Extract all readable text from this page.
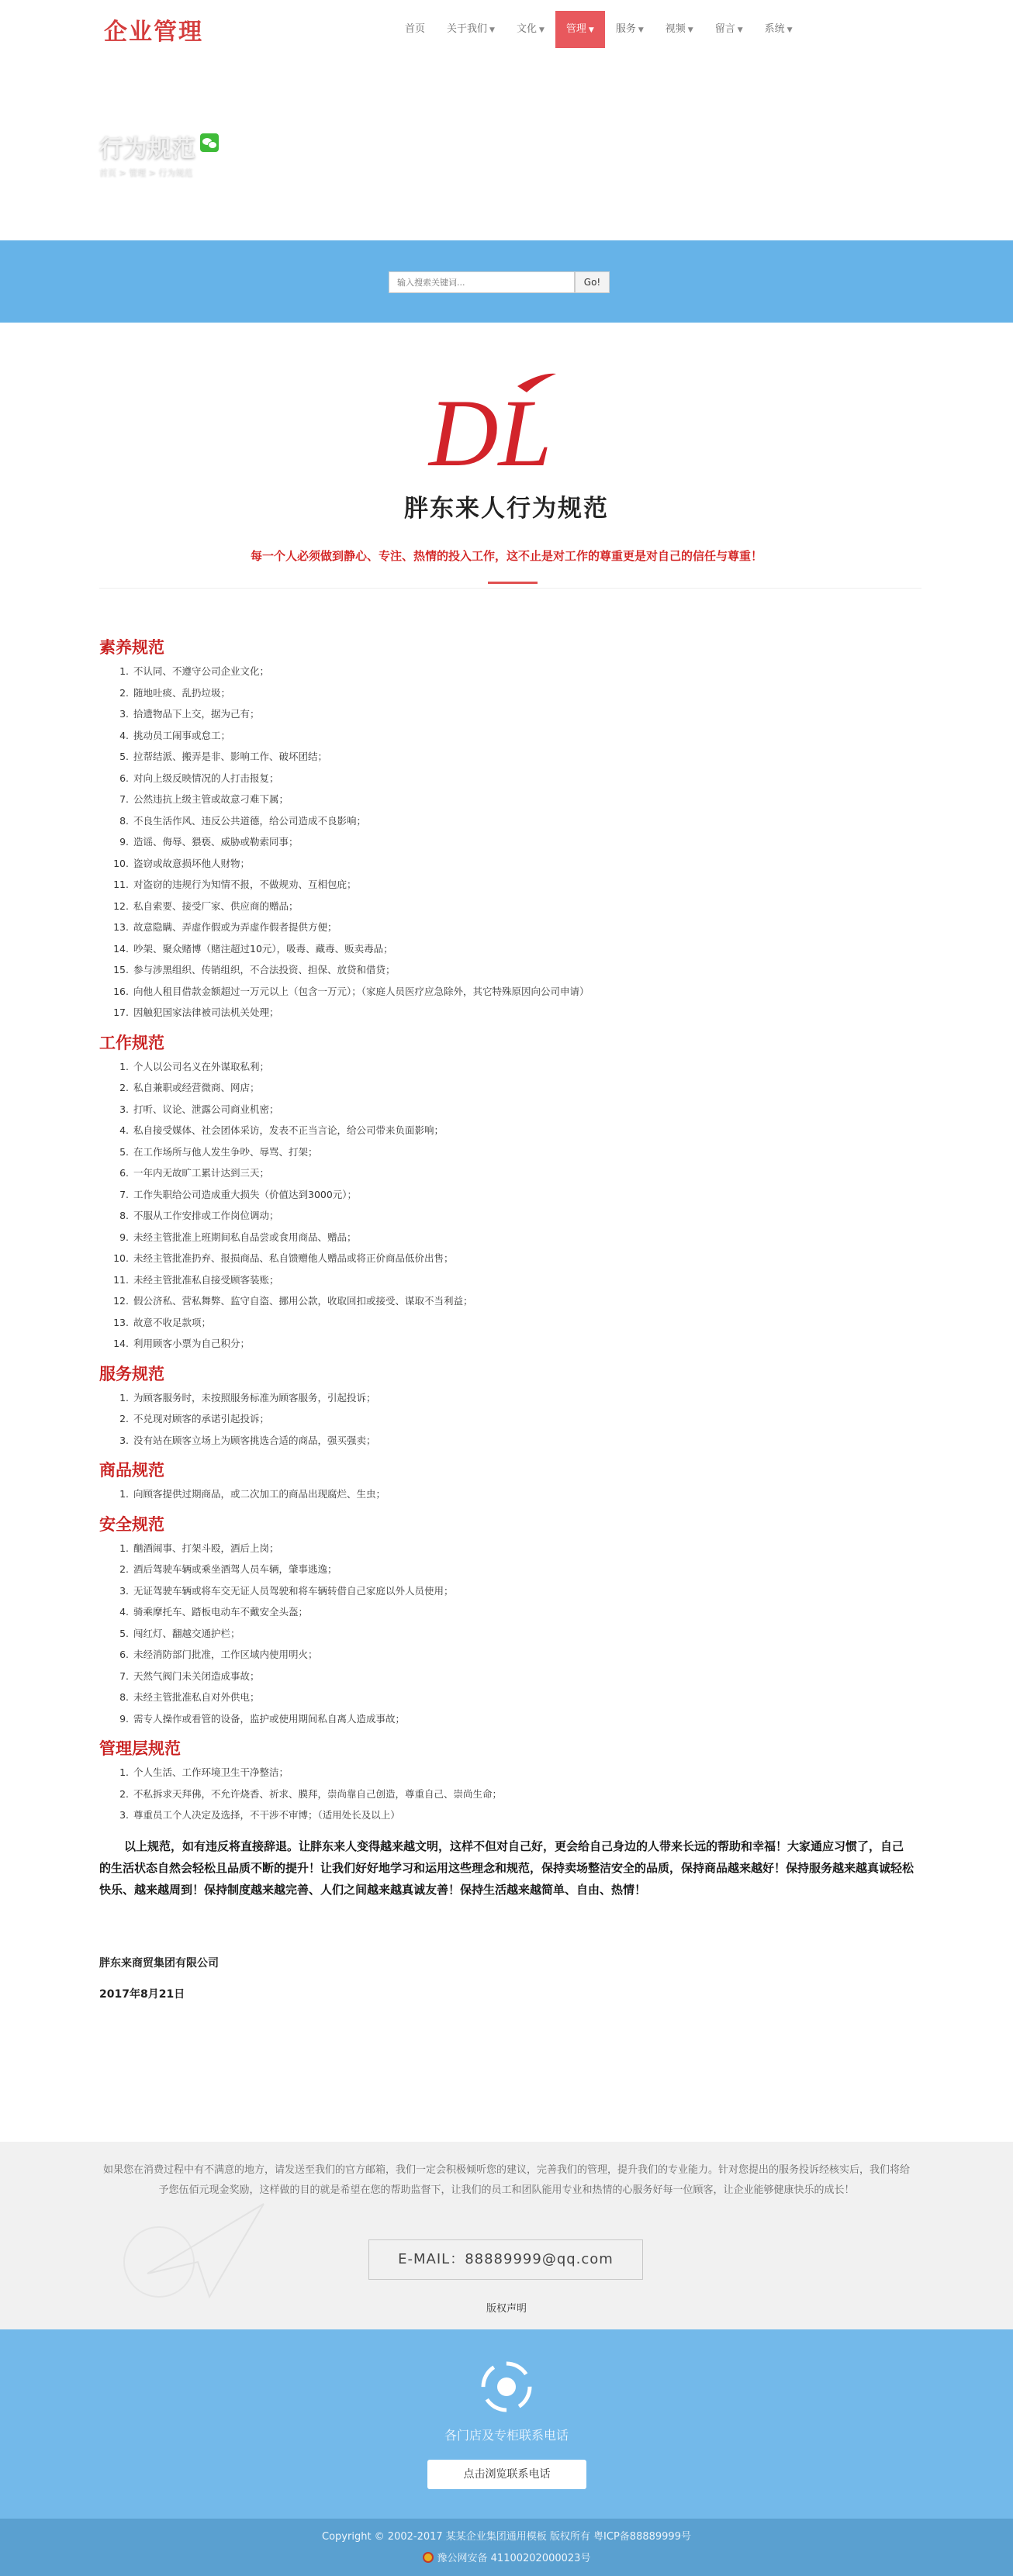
企业管理	首页	关于我们 ▼	文化 ▼	管理 ▼	服务 ▼	视频 ▼	留言 ▼	系统 ▼
行为规范
首页 > 管理 > 行为规范
输入搜索关键词...
Go!
DL
胖东来人行为规范
每一个人必须做到静心、专注、热情的投入工作，这不止是对工作的尊重更是对自己的信任与尊重！
素养规范
1. 不认同、不遵守公司企业文化；
2. 随地吐痰、乱扔垃圾；
3. 拾遗物品下上交，据为己有；
4. 挑动员工闹事或怠工；
5. 拉帮结派、搬弄是非、影响工作、破坏团结；
6. 对向上级反映情况的人打击报复；
7. 公然违抗上级主管或故意刁难下属；
8. 不良生活作风、违反公共道德，给公司造成不良影响；
9. 造谣、侮辱、猥亵、威胁或勒索同事；
10. 盗窃或故意损坏他人财物；
11. 对盗窃的违规行为知情不报，不做规劝、互相包庇；
12. 私自索要、接受厂家、供应商的赠品；
13. 故意隐瞒、弄虚作假或为弄虚作假者提供方便；
14. 吵架、聚众赌博（赌注超过10元），吸毒、藏毒、贩卖毒品；
15. 参与涉黑组织、传销组织，不合法投资、担保、放贷和借贷；
16. 向他人租目借款金额超过一万元以上（包含一万元）；（家庭人员医疗应急除外，其它特殊原因向公司申请）
17. 因触犯国家法律被司法机关处理；
工作规范
1. 个人以公司名义在外谋取私利；
2. 私自兼职或经营微商、网店；
3. 打听、议论、泄露公司商业机密；
4. 私自接受媒体、社会团体采访，发表不正当言论，给公司带来负面影响；
5. 在工作场所与他人发生争吵、辱骂、打架；
6. 一年内无故旷工累计达到三天；
7. 工作失职给公司造成重大损失（价值达到3000元）；
8. 不服从工作安排或工作岗位调动；
9. 未经主管批准上班期间私自品尝或食用商品、赠品；
10. 未经主管批准扔弃、报损商品、私自馈赠他人赠品或将正价商品低价出售；
11. 未经主管批准私自接受顾客装账；
12. 假公济私、营私舞弊、监守自盗、挪用公款，收取回扣或接受、谋取不当利益；
13. 故意不收足款项；
14. 利用顾客小票为自己积分；
服务规范
1. 为顾客服务时，未按照服务标准为顾客服务，引起投诉；
2. 不兑现对顾客的承诺引起投诉；
3. 没有站在顾客立场上为顾客挑选合适的商品，强买强卖；
商品规范
1. 向顾客提供过期商品，或二次加工的商品出现腐烂、生虫；
安全规范
1. 酗酒闹事、打架斗殴，酒后上岗；
2. 酒后驾驶车辆或乘坐酒驾人员车辆，肇事逃逸；
3. 无证驾驶车辆或将车交无证人员驾驶和将车辆转借自己家庭以外人员使用；
4. 骑乘摩托车、踏板电动车不戴安全头盔；
5. 闯红灯、翻越交通护栏；
6. 未经消防部门批准，工作区域内使用明火；
7. 天然气阀门未关闭造成事故；
8. 未经主管批准私自对外供电；
9. 需专人操作或看管的设备，监护或使用期间私自离人造成事故；
管理层规范
1. 个人生活、工作环境卫生干净整洁；
2. 不私拆求天拜佛，不允许烧香、祈求、膜拜，崇尚靠自己创造，尊重自己、崇尚生命；
3. 尊重员工个人决定及选择，不干涉不审博；（适用处长及以上）

以上规范，如有违反将直接辞退。让胖东来人变得越来越文明，这样不但对自己好，更会给自己身边的人带来长远的帮助和幸福！大家通应习惯了，自己的生活状态自然会轻松且品质不断的提升！让我们好好地学习和运用这些理念和规范，保持卖场整洁安全的品质，保持商品越来越好！保持服务越来越真诚轻松快乐、越来越周到！保持制度越来越完善、人们之间越来越真诚友善！保持生活越来越简单、自由、热情！

胖东来商贸集团有限公司

2017年8月21日

如果您在消费过程中有不满意的地方，请发送至我们的官方邮箱，我们一定会积极倾听您的建议，完善我们的管理，提升我们的专业能力。针对您提出的服务投诉经核实后，我们将给予您伍佰元现金奖励，这样做的目的就是希望在您的帮助监督下，让我们的员工和团队能用专业和热情的心服务好每一位顾客，让企业能够健康快乐的成长！
E-MAIL：88889999@qq.com
版权声明
各门店及专柜联系电话
点击浏览联系电话
Copyright © 2002-2017 某某企业集团通用模板 版权所有 粤ICP备88889999号
豫公网安备 41100202000023号
